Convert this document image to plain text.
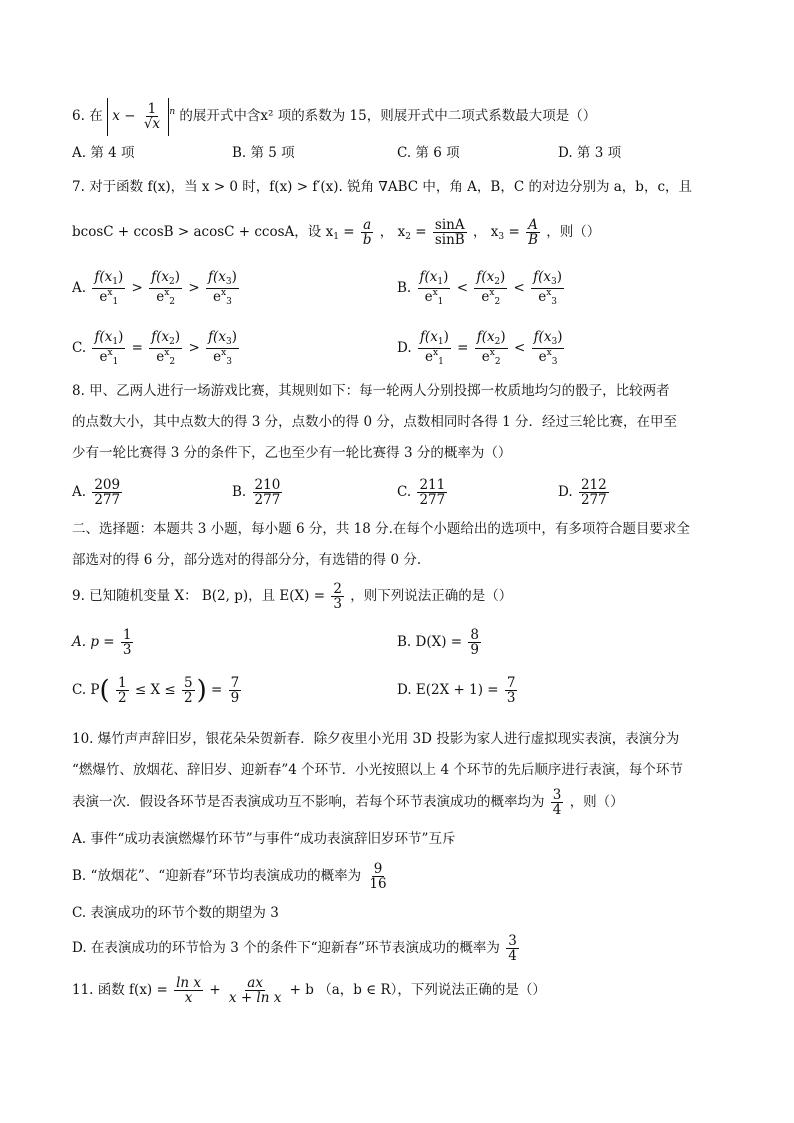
6. 在 $x - \frac{1}{√x} ^n$ 的展开式中含x² 项的系数为 15，则展开式中二项式系数最大项是（）
A. 第 4 项	B. 第 5 项	C. 第 6 项	D. 第 3 项
7. 对于函数 f(x)，当 x > 0 时，f(x) > f′(x). 锐角 ∇ABC 中，角 A，B，C 的对边分别为 a，b，c，且
bcosC + ccosB > acosC + ccosA，设 $x_1 = \frac{a}{b}$ ， $x_2 = \frac{\sin A}{\sin B}$ ， $x_3 = \frac{A}{B}$ ，则（）
A. $\frac{f(x_1)}{e^x_1} > \frac{f(x_2)}{e^x_2} > \frac{f(x_3)}{e^x_3}$	B. $\frac{f(x_1)}{e^x_1} < \frac{f(x_2)}{e^x_2} < \frac{f(x_3)}{e^x_3}$
C. $\frac{f(x_1)}{e^x_1} = \frac{f(x_2)}{e^x_2} > \frac{f(x_3)}{e^x_3}$	D. $\frac{f(x_1)}{e^x_1} = \frac{f(x_2)}{e^x_2} < \frac{f(x_3)}{e^x_3}$
8. 甲、乙两人进行一场游戏比赛，其规则如下：每一轮两人分别投掷一枚质地均匀的骰子，比较两者
的点数大小，其中点数大的得 3 分，点数小的得 0 分，点数相同时各得 1 分．经过三轮比赛，在甲至
少有一轮比赛得 3 分的条件下，乙也至少有一轮比赛得 3 分的概率为（）
A. $\frac{209}{277}$	B. $\frac{210}{277}$	C. $\frac{211}{277}$	D. $\frac{212}{277}$
二、选择题：本题共 3 小题，每小题 6 分，共 18 分.在每个小题给出的选项中，有多项符合题目要求全
部选对的得 6 分，部分选对的得部分分，有选错的得 0 分.
9. 已知随机变量 X： B(2, p)，且 $E(X) = \frac{2}{3}$ ，则下列说法正确的是（）
A. $p = \frac{1}{3}$	B. $D(X) = \frac{8}{9}$
C. $P( \frac{1}{2} \le X \le \frac{5}{2}$ ) = $\frac{7}{9}$	D. $E(2X + 1) = \frac{7}{3}$
10. 爆竹声声辞旧岁，银花朵朵贺新春．除夕夜里小光用 3D 投影为家人进行虚拟现实表演，表演分为
“燃爆竹、放烟花、辞旧岁、迎新春”4 个环节．小光按照以上 4 个环节的先后顺序进行表演，每个环节
表演一次．假设各环节是否表演成功互不影响，若每个环节表演成功的概率均为 $\frac{3}{4}$ ，则（）
A. 事件“成功表演燃爆竹环节”与事件“成功表演辞旧岁环节”互斥
B. “放烟花”、“迎新春”环节均表演成功的概率为 $\frac{9}{16}$
C. 表演成功的环节个数的期望为 3
D. 在表演成功的环节恰为 3 个的条件下“迎新春”环节表演成功的概率为 $\frac{3}{4}$
11. 函数 $f(x) = \frac{\text{ln x}}{x} + \frac{ax}{\text{x + ln x}} + b$ （a，b ∈ R），下列说法正确的是（）
